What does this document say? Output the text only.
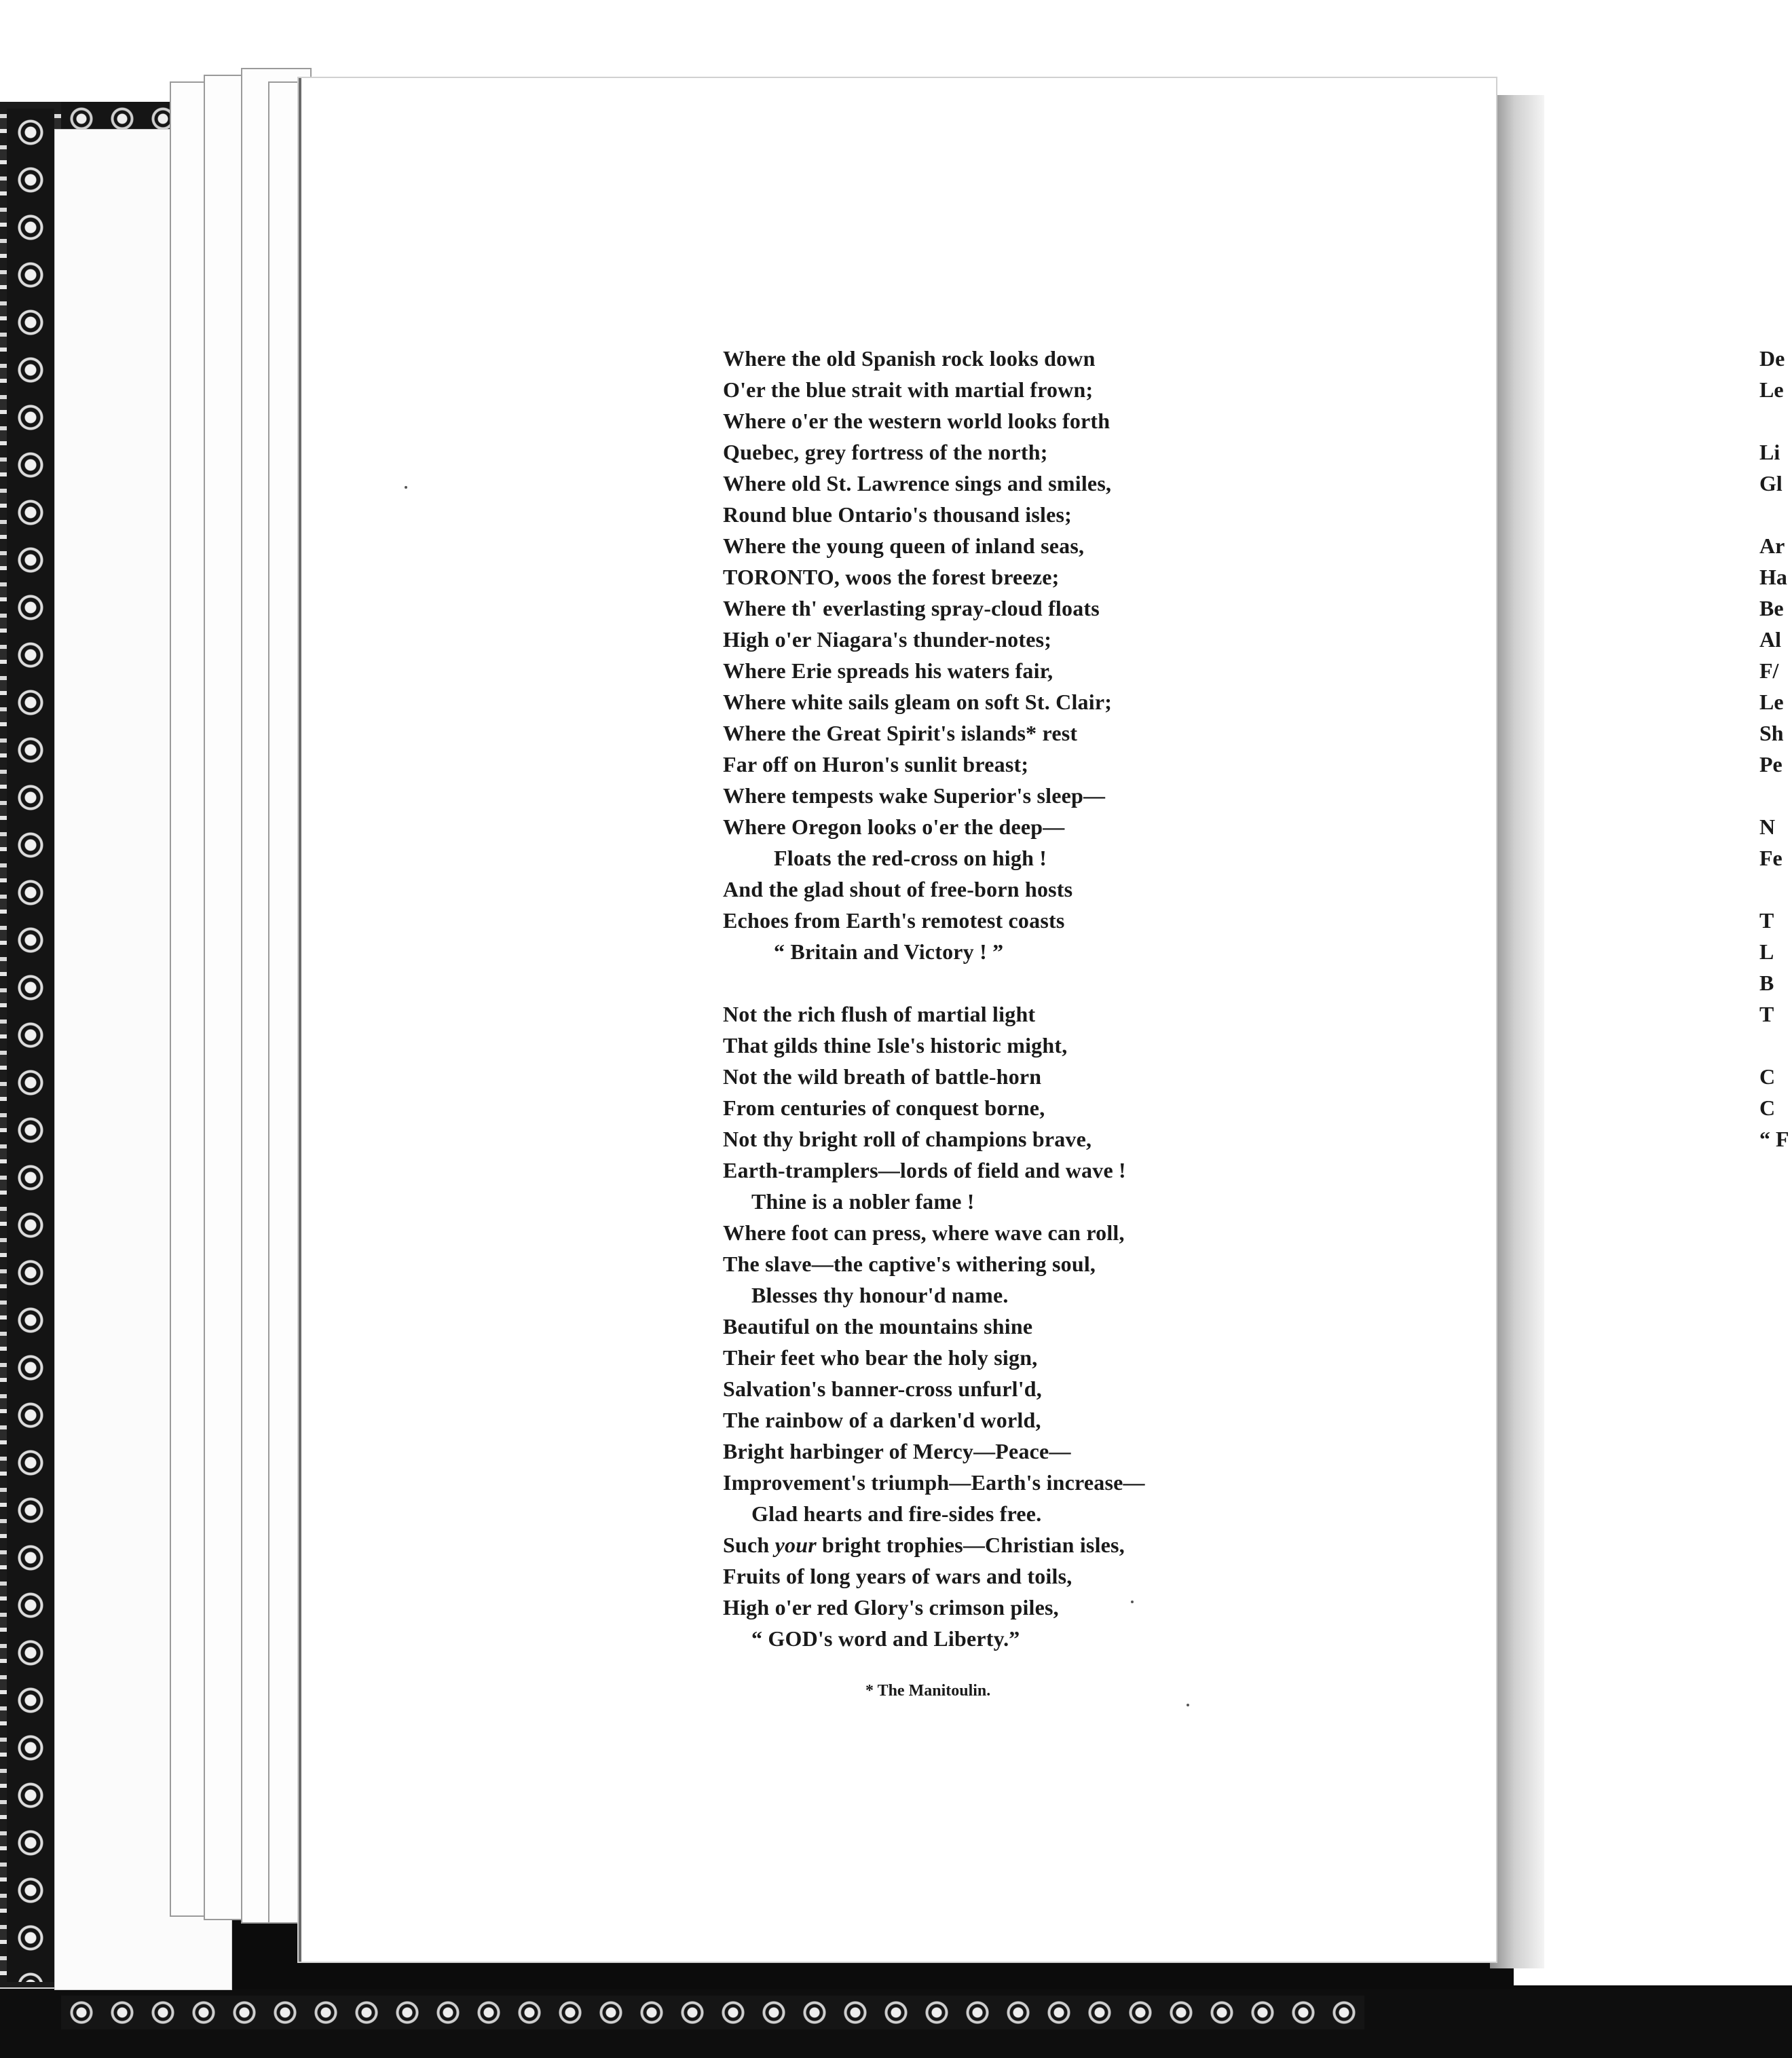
Where the old Spanish rock looks down
O'er the blue strait with martial frown;
Where o'er the western world looks forth
Quebec, grey fortress of the north;
Where old St. Lawrence sings and smiles,
Round blue Ontario's thousand isles;
Where the young queen of inland seas,
TORONTO, woos the forest breeze;
Where th' everlasting spray-cloud floats
High o'er Niagara's thunder-notes;
Where Erie spreads his waters fair,
Where white sails gleam on soft St. Clair;
Where the Great Spirit's islands* rest
Far off on Huron's sunlit breast;
Where tempests wake Superior's sleep—
Where Oregon looks o'er the deep—
Floats the red-cross on high !
And the glad shout of free-born hosts
Echoes from Earth's remotest coasts
“ Britain and Victory ! ”
Not the rich flush of martial light
That gilds thine Isle's historic might,
Not the wild breath of battle-horn
From centuries of conquest borne,
Not thy bright roll of champions brave,
Earth-tramplers—lords of field and wave !
Thine is a nobler fame !
Where foot can press, where wave can roll,
The slave—the captive's withering soul,
Blesses thy honour'd name.
Beautiful on the mountains shine
Their feet who bear the holy sign,
Salvation's banner-cross unfurl'd,
The rainbow of a darken'd world,
Bright harbinger of Mercy—Peace—
Improvement's triumph—Earth's increase—
Glad hearts and fire-sides free.
Such your bright trophies—Christian isles,
Fruits of long years of wars and toils,
High o'er red Glory's crimson piles,
“ GOD's word and Liberty.”
* The Manitoulin.
De
Le
Li
Gl
Ar
Ha
Be
Al
F/
Le
Sh
Pe
N
Fe
T
L
B
T
C
C
“ F
